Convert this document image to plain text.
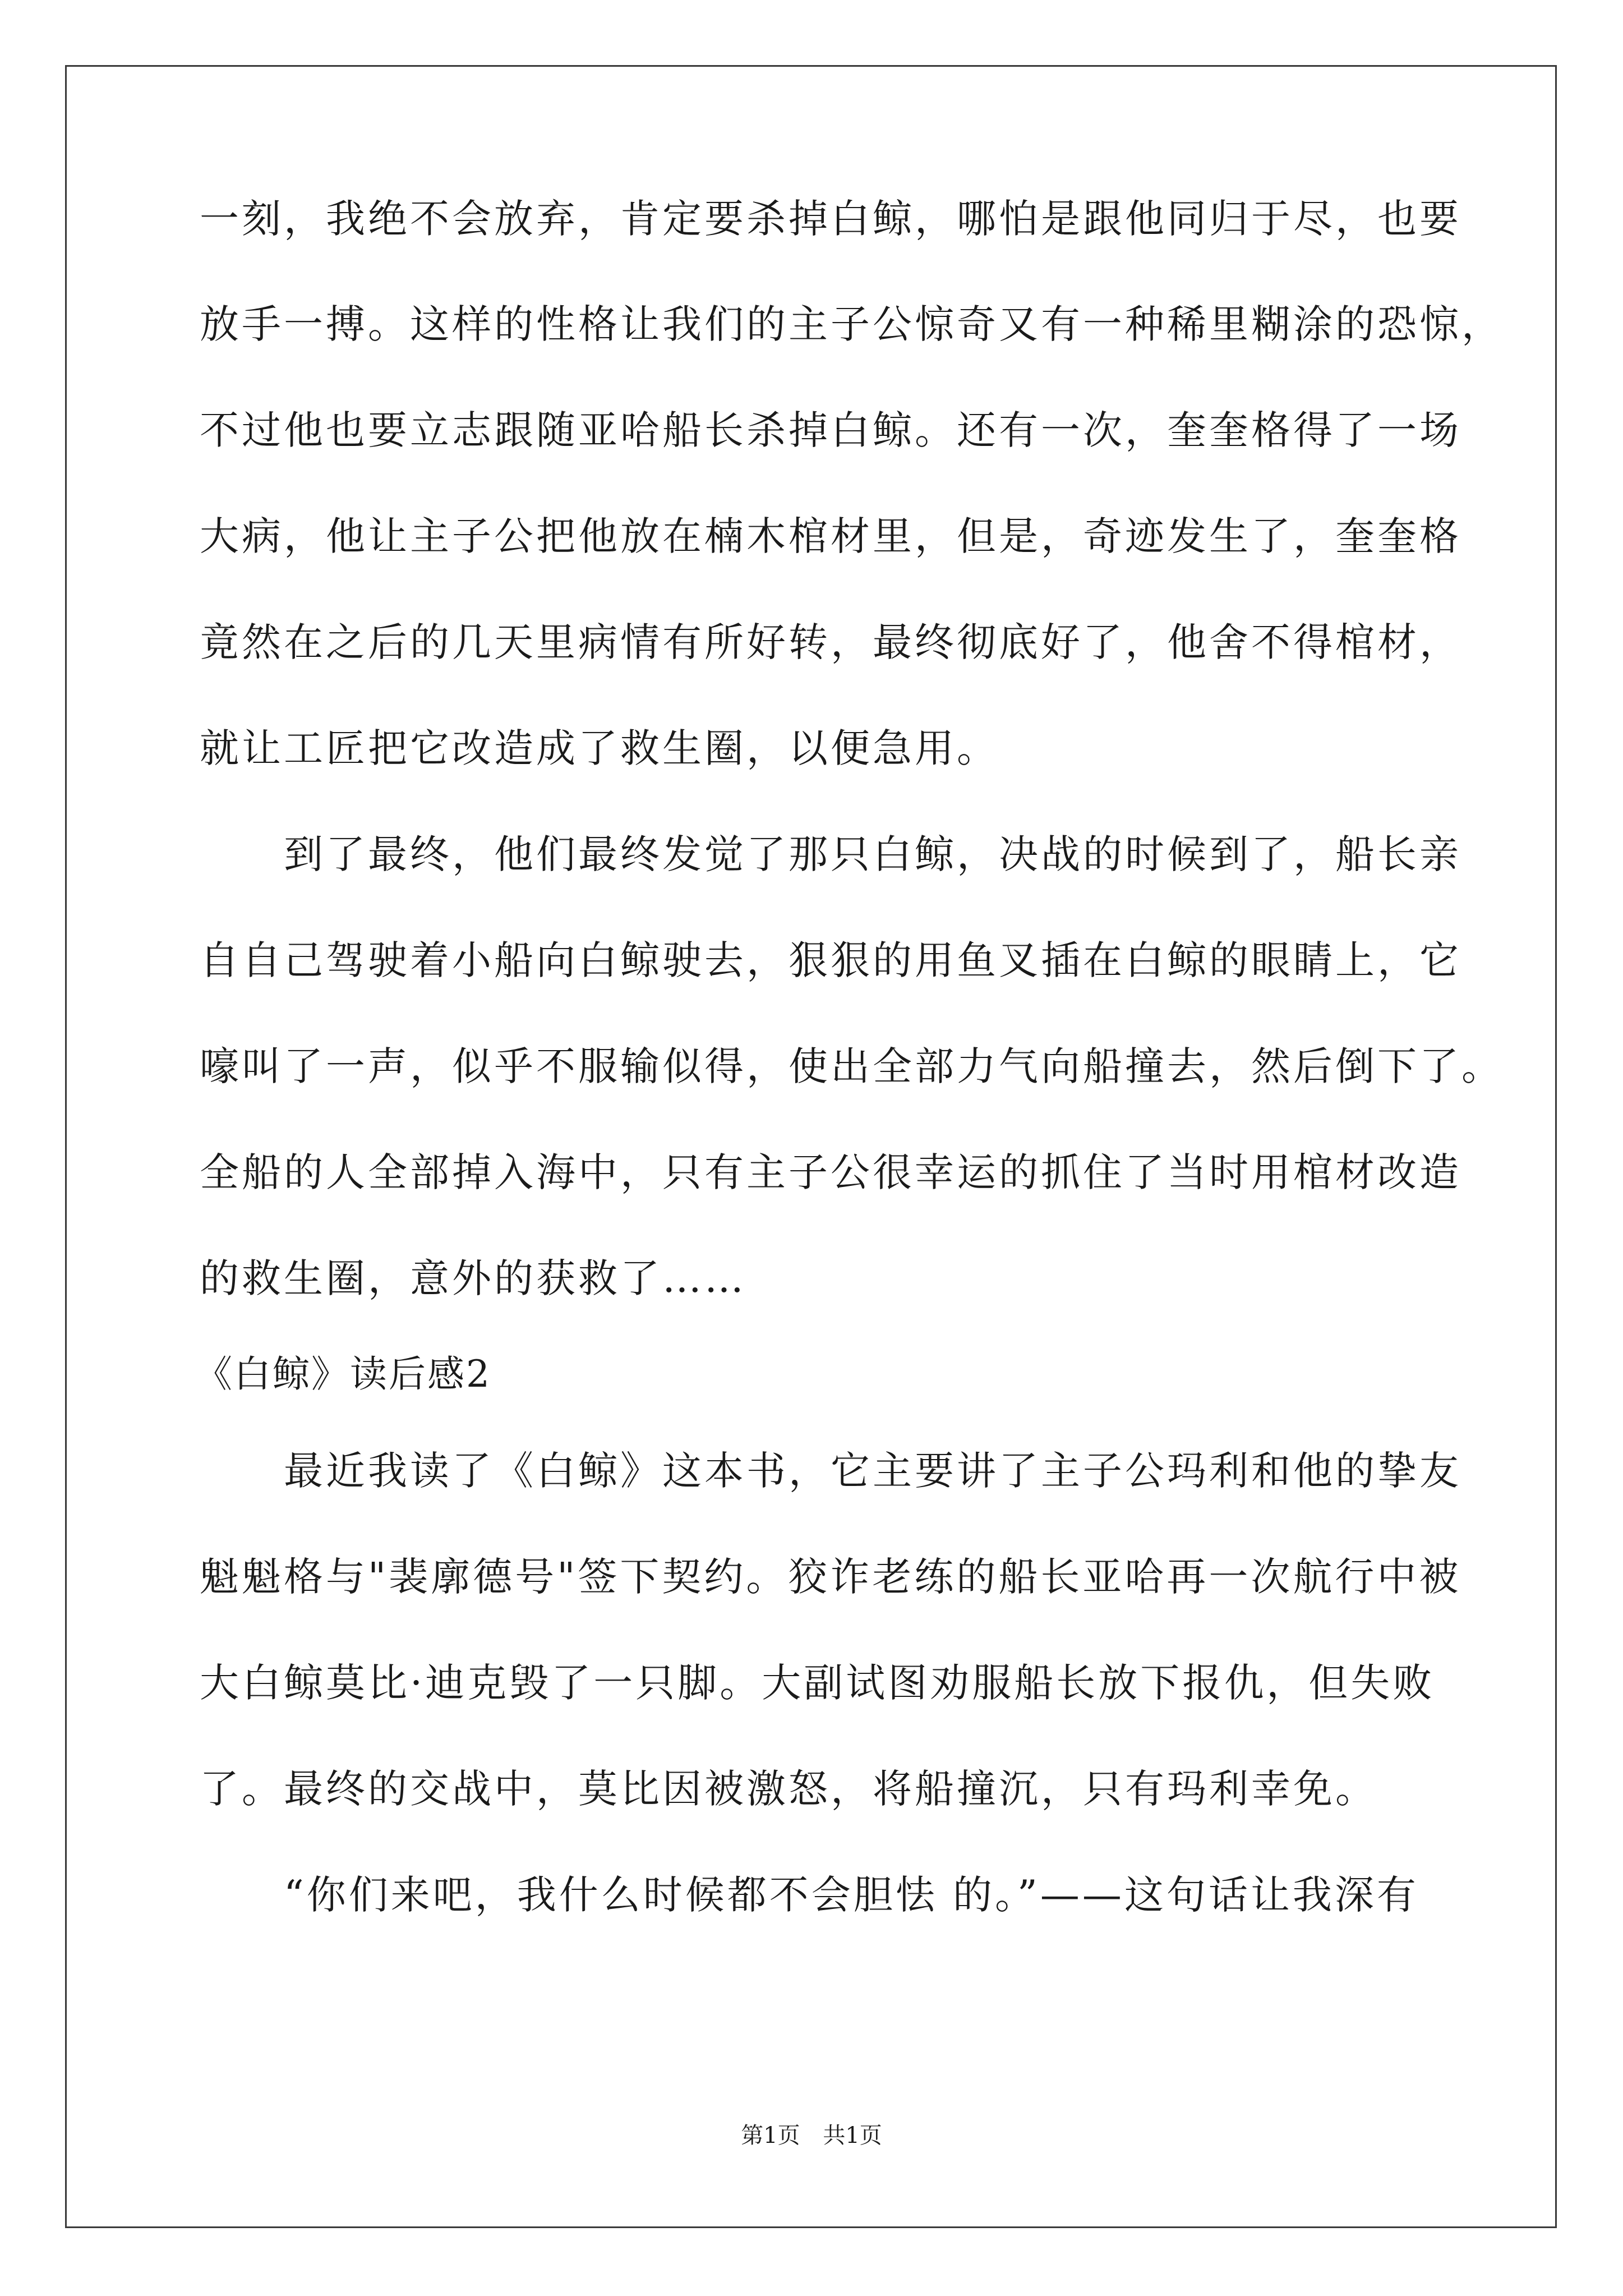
一刻，我绝不会放弃，肯定要杀掉白鲸，哪怕是跟他同归于尽，也要
放手一搏。这样的性格让我们的主子公惊奇又有一种稀里糊涂的恐惊，
不过他也要立志跟随亚哈船长杀掉白鲸。还有一次，奎奎格得了一场
大病，他让主子公把他放在楠木棺材里，但是，奇迹发生了，奎奎格
竟然在之后的几天里病情有所好转，最终彻底好了，他舍不得棺材，
就让工匠把它改造成了救生圈，以便急用。
　　到了最终，他们最终发觉了那只白鲸，决战的时候到了，船长亲
自自己驾驶着小船向白鲸驶去，狠狠的用鱼叉插在白鲸的眼睛上，它
嚎叫了一声，似乎不服输似得，使出全部力气向船撞去，然后倒下了。
全船的人全部掉入海中，只有主子公很幸运的抓住了当时用棺材改造
的救生圈，意外的获救了……
《白鲸》读后感2
　　最近我读了《白鲸》这本书，它主要讲了主子公玛利和他的挚友
魁魁格与"裴廓德号"签下契约。狡诈老练的船长亚哈再一次航行中被
大白鲸莫比·迪克毁了一只脚。大副试图劝服船长放下报仇，但失败
了。最终的交战中，莫比因被激怒，将船撞沉，只有玛利幸免。
　　“你们来吧，我什么时候都不会胆怯 的。”——这句话让我深有
第1页 共1页
